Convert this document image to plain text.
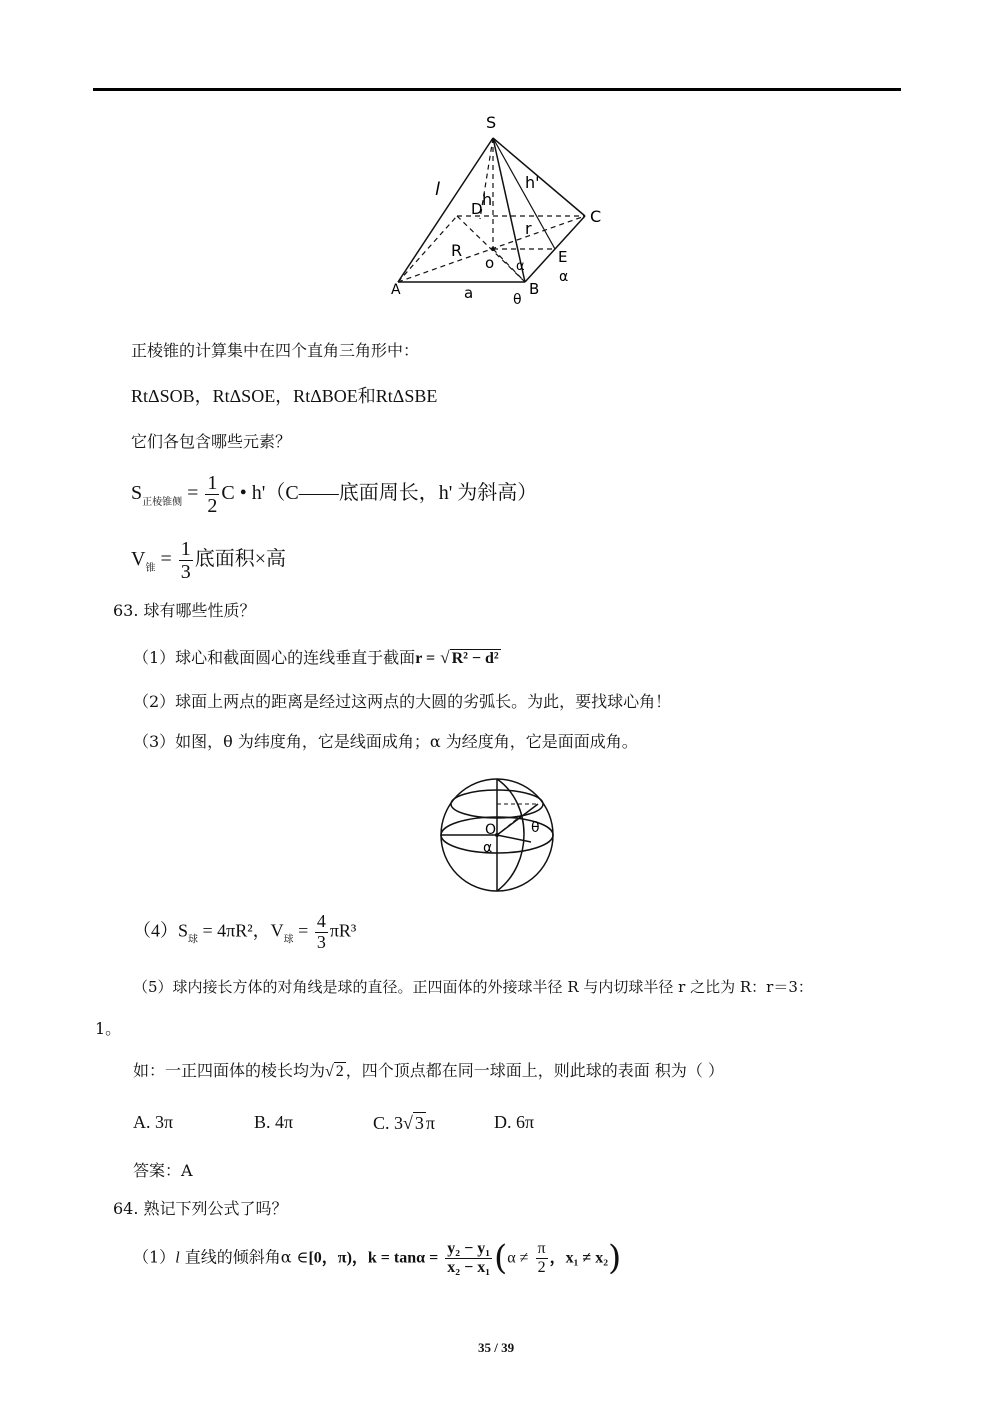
S
l	h
h'
D	C
R
r
o	E
α
α
A	a	B
θ
正棱锥的计算集中在四个直角三角形中：
RtΔSOB，RtΔSOE，RtΔBOE和RtΔSBE
它们各包含哪些元素？
$S_{正棱锥侧} = \frac{1}{2}$ C • h'（C——底面周长，h' 为斜高）
$V_锥 = \frac{1}{3}$ 底面积×高
63. 球有哪些性质？
（1）球心和截面圆心的连线垂直于截面r = √ R² − d²
（2）球面上两点的距离是经过这两点的大圆的劣弧长。为此，要找球心角！
（3）如图，θ 为纬度角，它是线面成角；α 为经度角，它是面面成角。
O θ
α
$(4)S_球 = 4\pi R^2$，$V_球 = \frac{4}{3} \pi R^3$
（5）球内接长方体的对角线是球的直径。正四面体的外接球半径 R 与内切球半径 r 之比为 R：r＝3：
1。
如：一正四面体的棱长均为√ 2 ，四个顶点都在同一球面上，则此球的表面 积为（ ）
A. 3π	B. 4π	C. 3√ 3 π	D. 6π
答案：A
64. 熟记下列公式了吗？
（1）l 直线的倾斜角α ∈[0，π)，$k = \tan\alpha = \frac{\text{y₂ − y₁}}{\text{x₂ − x₁}} (\alpha \ne \frac{\pi}{2}$ ，x₁ ≠ x₂)
35 / 39
